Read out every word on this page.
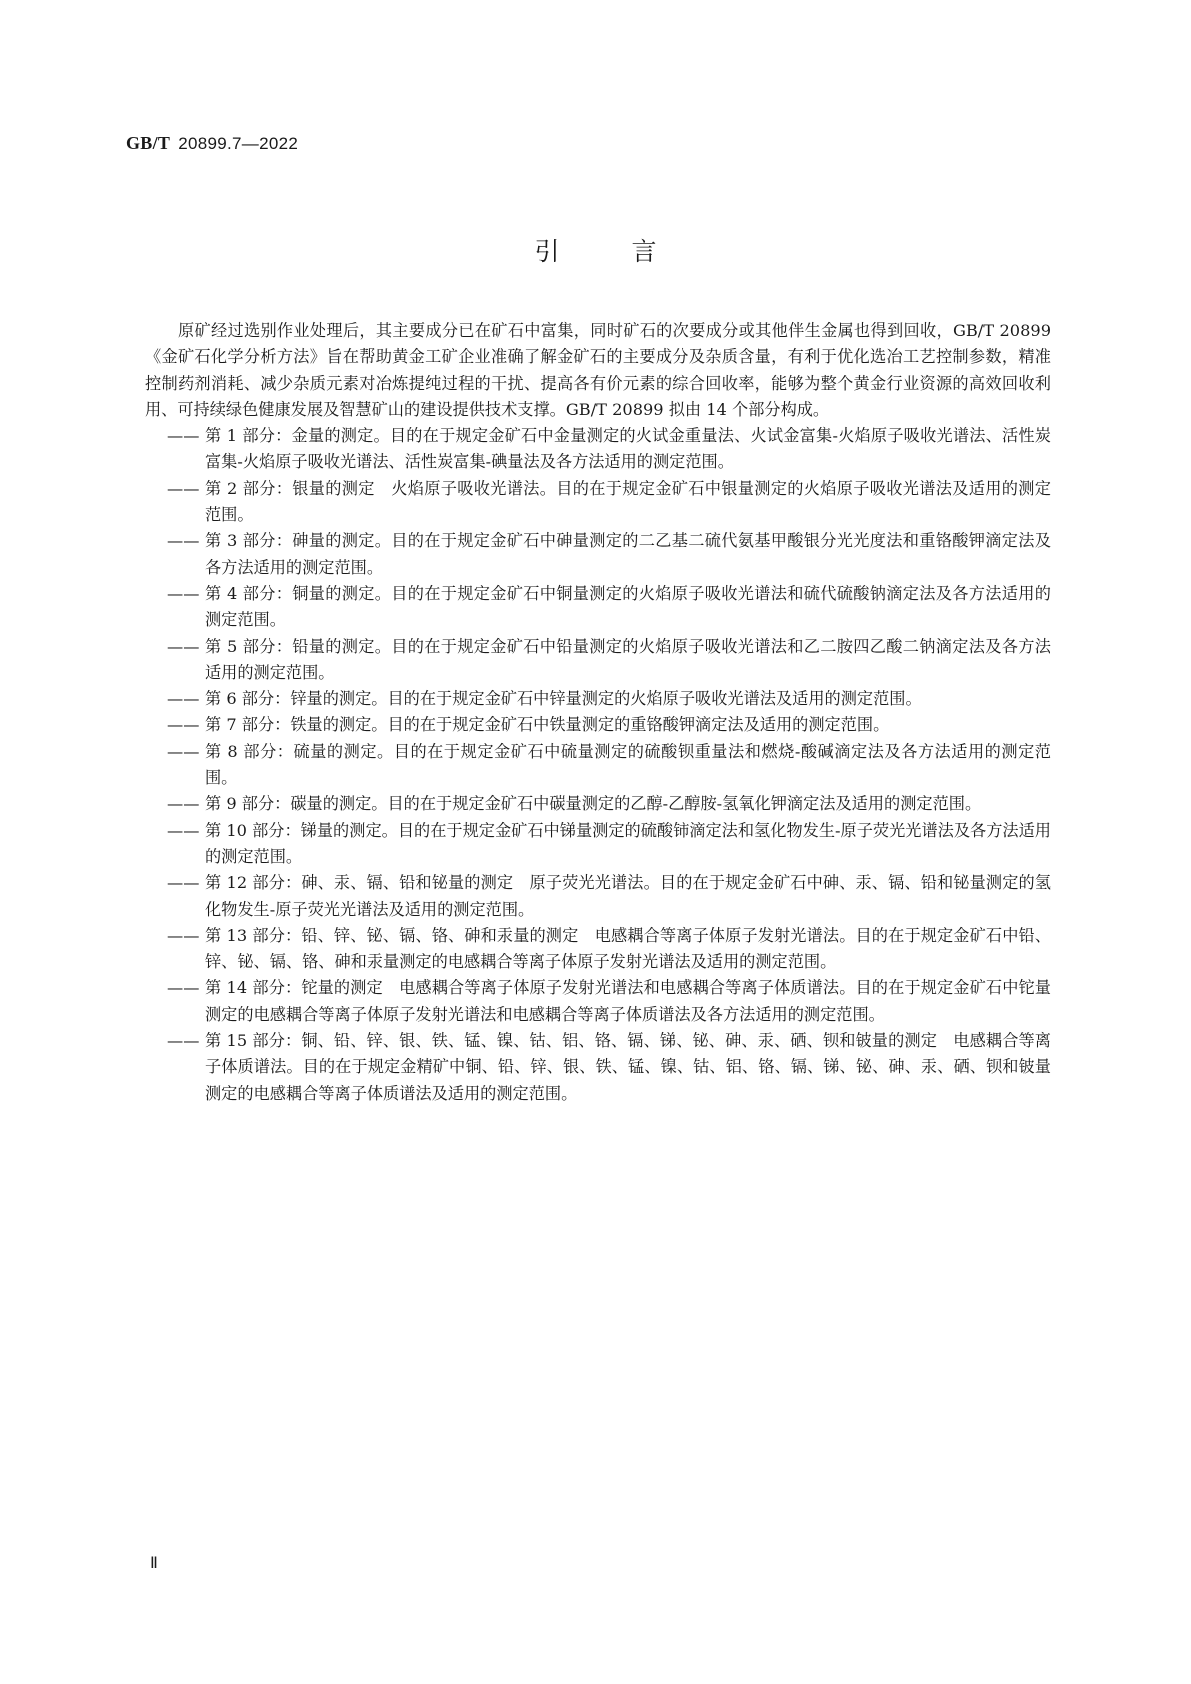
GB/T 20899.7—2022
引	言

原矿经过选别作业处理后，其主要成分已在矿石中富集，同时矿石的次要成分或其他伴生金属也得到回收，GB/T 20899《金矿石化学分析方法》旨在帮助黄金工矿企业准确了解金矿石的主要成分及杂质含量，有利于优化选冶工艺控制参数，精准控制药剂消耗、减少杂质元素对冶炼提纯过程的干扰、提高各有价元素的综合回收率，能够为整个黄金行业资源的高效回收利用、可持续绿色健康发展及智慧矿山的建设提供技术支撑。GB/T 20899 拟由 14 个部分构成。

—— 第 1 部分：金量的测定。目的在于规定金矿石中金量测定的火试金重量法、火试金富集-火焰原子吸收光谱法、活性炭富集-火焰原子吸收光谱法、活性炭富集-碘量法及各方法适用的测定范围。

—— 第 2 部分：银量的测定　火焰原子吸收光谱法。目的在于规定金矿石中银量测定的火焰原子吸收光谱法及适用的测定范围。

—— 第 3 部分：砷量的测定。目的在于规定金矿石中砷量测定的二乙基二硫代氨基甲酸银分光光度法和重铬酸钾滴定法及各方法适用的测定范围。

—— 第 4 部分：铜量的测定。目的在于规定金矿石中铜量测定的火焰原子吸收光谱法和硫代硫酸钠滴定法及各方法适用的测定范围。

—— 第 5 部分：铅量的测定。目的在于规定金矿石中铅量测定的火焰原子吸收光谱法和乙二胺四乙酸二钠滴定法及各方法适用的测定范围。

—— 第 6 部分：锌量的测定。目的在于规定金矿石中锌量测定的火焰原子吸收光谱法及适用的测定范围。

—— 第 7 部分：铁量的测定。目的在于规定金矿石中铁量测定的重铬酸钾滴定法及适用的测定范围。

—— 第 8 部分：硫量的测定。目的在于规定金矿石中硫量测定的硫酸钡重量法和燃烧-酸碱滴定法及各方法适用的测定范围。

—— 第 9 部分：碳量的测定。目的在于规定金矿石中碳量测定的乙醇-乙醇胺-氢氧化钾滴定法及适用的测定范围。

—— 第 10 部分：锑量的测定。目的在于规定金矿石中锑量测定的硫酸铈滴定法和氢化物发生-原子荧光光谱法及各方法适用的测定范围。

—— 第 12 部分：砷、汞、镉、铅和铋量的测定　原子荧光光谱法。目的在于规定金矿石中砷、汞、镉、铅和铋量测定的氢化物发生-原子荧光光谱法及适用的测定范围。

—— 第 13 部分：铅、锌、铋、镉、铬、砷和汞量的测定　电感耦合等离子体原子发射光谱法。目的在于规定金矿石中铅、锌、铋、镉、铬、砷和汞量测定的电感耦合等离子体原子发射光谱法及适用的测定范围。

—— 第 14 部分：铊量的测定　电感耦合等离子体原子发射光谱法和电感耦合等离子体质谱法。目的在于规定金矿石中铊量测定的电感耦合等离子体原子发射光谱法和电感耦合等离子体质谱法及各方法适用的测定范围。

—— 第 15 部分：铜、铅、锌、银、铁、锰、镍、钴、铝、铬、镉、锑、铋、砷、汞、硒、钡和铍量的测定　电感耦合等离子体质谱法。目的在于规定金精矿中铜、铅、锌、银、铁、锰、镍、钴、铝、铬、镉、锑、铋、砷、汞、硒、钡和铍量测定的电感耦合等离子体质谱法及适用的测定范围。

Ⅱ
